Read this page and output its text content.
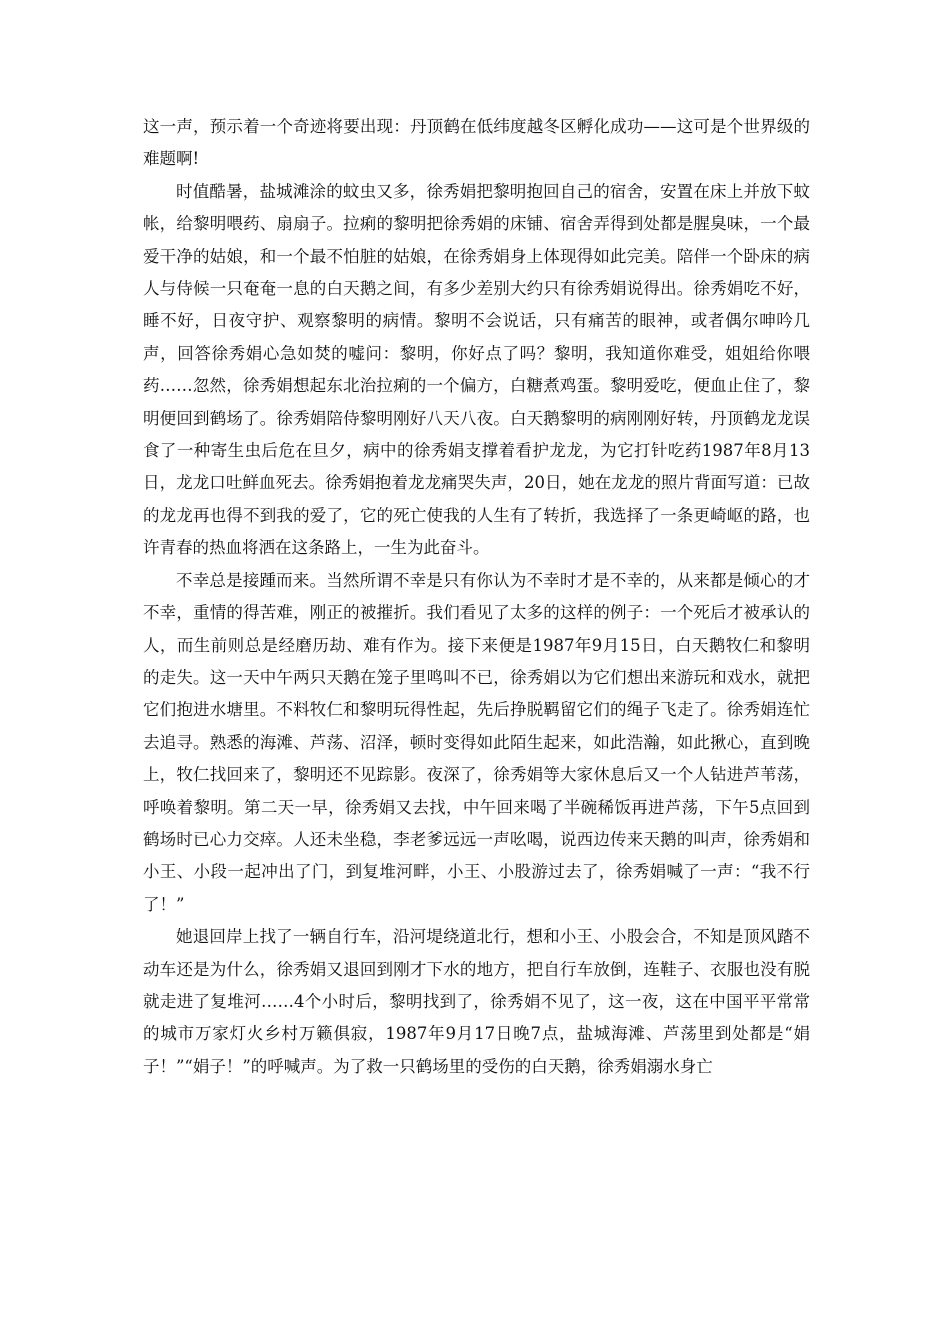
这一声，预示着一个奇迹将要出现：丹顶鹤在低纬度越冬区孵化成功——这可是个世界级的难题啊!

时值酷暑，盐城滩涂的蚊虫又多，徐秀娟把黎明抱回自己的宿舍，安置在床上并放下蚊帐，给黎明喂药、扇扇子。拉痢的黎明把徐秀娟的床铺、宿舍弄得到处都是腥臭味，一个最爱干净的姑娘，和一个最不怕脏的姑娘，在徐秀娟身上体现得如此完美。陪伴一个卧床的病人与侍候一只奄奄一息的白天鹅之间，有多少差别大约只有徐秀娟说得出。徐秀娟吃不好，睡不好，日夜守护、观察黎明的病情。黎明不会说话，只有痛苦的眼神，或者偶尔呻吟几声，回答徐秀娟心急如焚的嘘问：黎明，你好点了吗？黎明，我知道你难受，姐姐给你喂药……忽然，徐秀娟想起东北治拉痢的一个偏方，白糖煮鸡蛋。黎明爱吃，便血止住了，黎明便回到鹤场了。徐秀娟陪侍黎明刚好八天八夜。白天鹅黎明的病刚刚好转，丹顶鹤龙龙误食了一种寄生虫后危在旦夕，病中的徐秀娟支撑着看护龙龙，为它打针吃药1987年8月13日，龙龙口吐鲜血死去。徐秀娟抱着龙龙痛哭失声，20日，她在龙龙的照片背面写道：已故的龙龙再也得不到我的爱了，它的死亡使我的人生有了转折，我选择了一条更崎岖的路，也许青春的热血将洒在这条路上，一生为此奋斗。

不幸总是接踵而来。当然所谓不幸是只有你认为不幸时才是不幸的，从来都是倾心的才不幸，重情的得苦难，刚正的被摧折。我们看见了太多的这样的例子：一个死后才被承认的人，而生前则总是经磨历劫、难有作为。接下来便是1987年9月15日，白天鹅牧仁和黎明的走失。这一天中午两只天鹅在笼子里鸣叫不已，徐秀娟以为它们想出来游玩和戏水，就把它们抱进水塘里。不料牧仁和黎明玩得性起，先后挣脱羁留它们的绳子飞走了。徐秀娟连忙去追寻。熟悉的海滩、芦荡、沼泽，顿时变得如此陌生起来，如此浩瀚，如此揪心，直到晚上，牧仁找回来了，黎明还不见踪影。夜深了，徐秀娟等大家休息后又一个人钻进芦苇荡，呼唤着黎明。第二天一早，徐秀娟又去找，中午回来喝了半碗稀饭再进芦荡，下午5点回到鹤场时已心力交瘁。人还未坐稳，李老爹远远一声吆喝，说西边传来天鹅的叫声，徐秀娟和小王、小段一起冲出了门，到复堆河畔，小王、小股游过去了，徐秀娟喊了一声：“我不行了！”

她退回岸上找了一辆自行车，沿河堤绕道北行，想和小王、小股会合，不知是顶风踏不动车还是为什么，徐秀娟又退回到刚才下水的地方，把自行车放倒，连鞋子、衣服也没有脱就走进了复堆河……4个小时后，黎明找到了，徐秀娟不见了，这一夜，这在中国平平常常的城市万家灯火乡村万籁俱寂，1987年9月17日晚7点，盐城海滩、芦荡里到处都是“娟子！”“娟子！”的呼喊声。为了救一只鹤场里的受伤的白天鹅，徐秀娟溺水身亡
